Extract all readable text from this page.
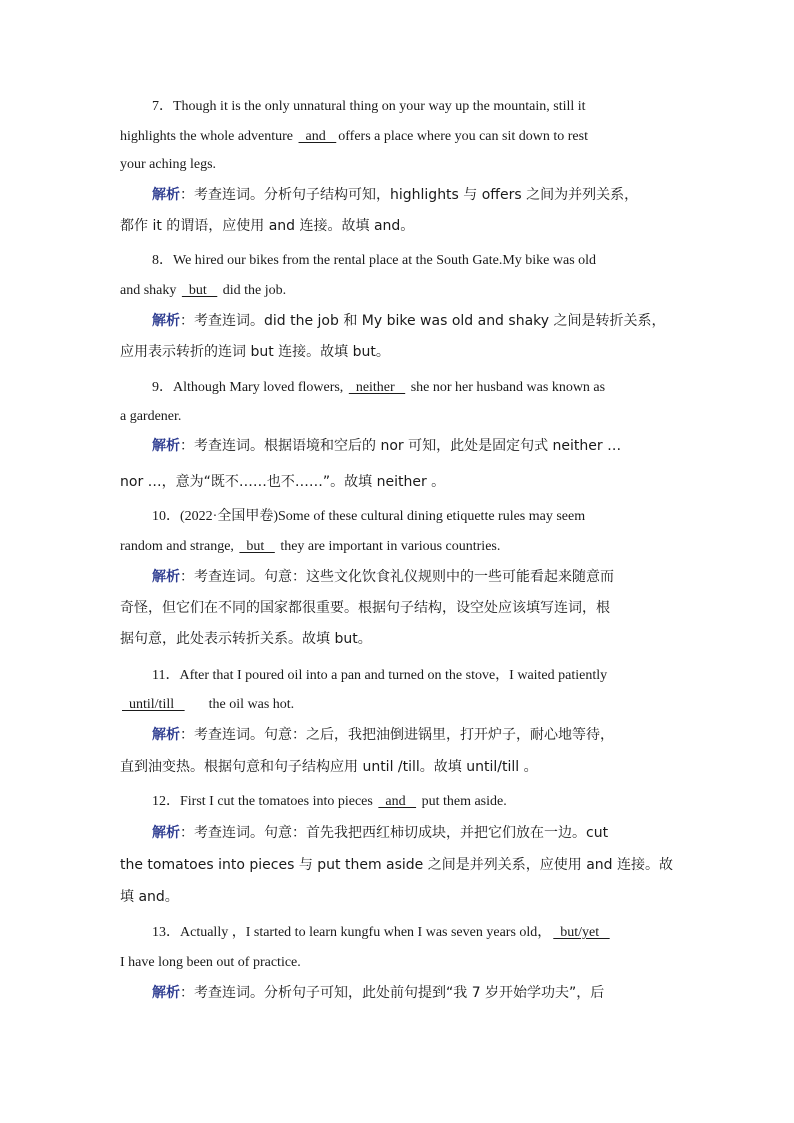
7．Though it is the only unnatural thing on your way up the mountain, still it
highlights the whole adventure   and   offers a place where you can sit down to rest
your aching legs.
解析：考查连词。分析句子结构可知，highlights 与 offers 之间为并列关系，
都作 it 的谓语，应使用 and 连接。故填 and。
8．We hired our bikes from the rental place at the South Gate.My bike was old
and shaky   but    did the job.
解析：考查连词。did the job 和 My bike was old and shaky 之间是转折关系，
应用表示转折的连词 but 连接。故填 but。
9．Although Mary loved flowers,   neither    she nor her husband was known as
a gardener.
解析：考查连词。根据语境和空后的 nor 可知，此处是固定句式 neither …
nor …，意为“既不……也不……”。故填 neither 。
10．(2022·全国甲卷)Some of these cultural dining etiquette rules may seem
random and strange,   but    they are important in various countries.
解析：考查连词。句意：这些文化饮食礼仪规则中的一些可能看起来随意而
奇怪，但它们在不同的国家都很重要。根据句子结构，设空处应该填写连词，根
据句意，此处表示转折关系。故填 but。
11．After that I poured oil into a pan and turned on the stove，I waited patiently
until/till   the oil was hot.
解析：考查连词。句意：之后，我把油倒进锅里，打开炉子，耐心地等待，
直到油变热。根据句意和句子结构应用 until /till。故填 until/till 。
12．First I cut the tomatoes into pieces   and    put them aside.
解析：考查连词。句意：首先我把西红柿切成块，并把它们放在一边。cut
the tomatoes into pieces 与 put them aside 之间是并列关系，应使用 and 连接。故
填 and。
13．Actually ，I started to learn kungfu when I was seven years old，  but/yet
I have long been out of practice.
解析：考查连词。分析句子可知，此处前句提到“我 7 岁开始学功夫”，后
